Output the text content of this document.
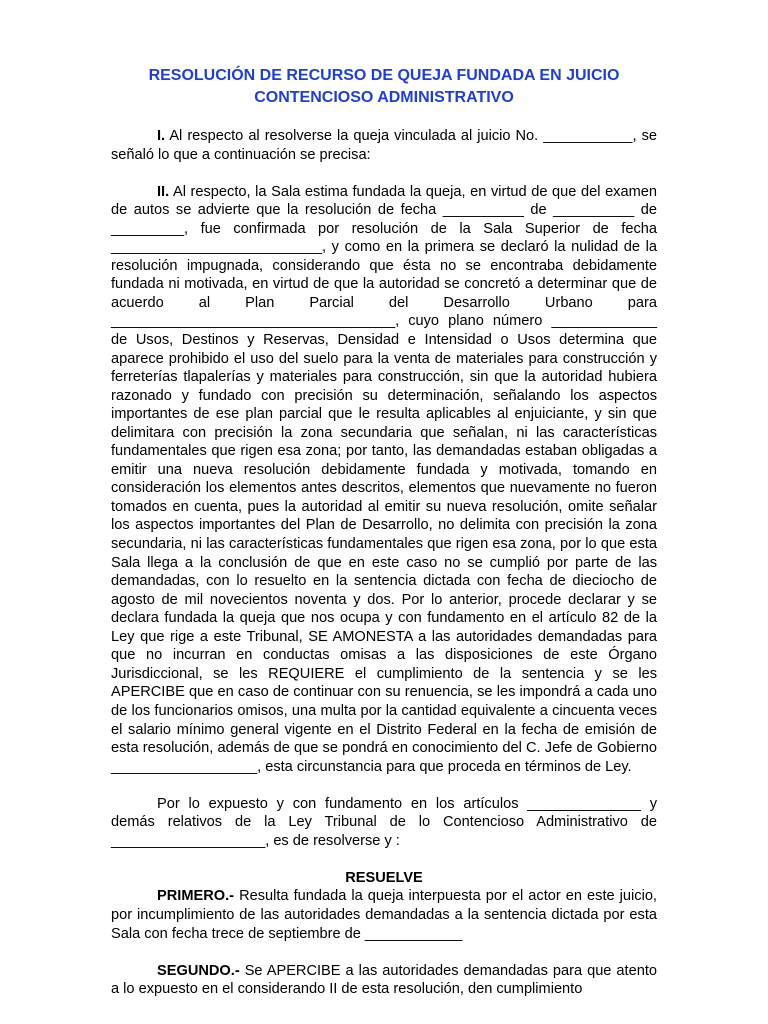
RESOLUCIÓN DE RECURSO DE QUEJA FUNDADA EN JUICIO
CONTENCIOSO ADMINISTRATIVO

I. Al respecto al resolverse la queja vinculada al juicio No. ___________, se señaló lo que a continuación se precisa:

II. Al respecto, la Sala estima fundada la queja, en virtud de que del examen de autos se advierte que la resolución de fecha __________ de __________ de _________, fue confirmada por resolución de la Sala Superior de fecha __________________________, y como en la primera se declaró la nulidad de la resolución impugnada, considerando que ésta no se encontraba debidamente fundada ni motivada, en virtud de que la autoridad se concretó a determinar que de acuerdo al Plan Parcial del Desarrollo Urbano para ___________________________________, cuyo plano número _____________ de Usos, Destinos y Reservas, Densidad e Intensidad o Usos determina que aparece prohibido el uso del suelo para la venta de materiales para construcción y ferreterías tlapalerías y materiales para construcción, sin que la autoridad hubiera razonado y fundado con precisión su determinación, señalando los aspectos importantes de ese plan parcial que le resulta aplicables al enjuiciante, y sin que delimitara con precisión la zona secundaria que señalan, ni las características fundamentales que rigen esa zona; por tanto, las demandadas estaban obligadas a emitir una nueva resolución debidamente fundada y motivada, tomando en consideración los elementos antes descritos, elementos que nuevamente no fueron tomados en cuenta, pues la autoridad al emitir su nueva resolución, omite señalar los aspectos importantes del Plan de Desarrollo, no delimita con precisión la zona secundaria, ni las características fundamentales que rigen esa zona, por lo que esta Sala llega a la conclusión de que en este caso no se cumplió por parte de las demandadas, con lo resuelto en la sentencia dictada con fecha de dieciocho de agosto de mil novecientos noventa y dos. Por lo anterior, procede declarar y se declara fundada la queja que nos ocupa y con fundamento en el artículo 82 de la Ley que rige a este Tribunal, SE AMONESTA a las autoridades demandadas para que no incurran en conductas omisas a las disposiciones de este Órgano Jurisdiccional, se les REQUIERE el cumplimiento de la sentencia y se les APERCIBE que en caso de continuar con su renuencia, se les impondrá a cada uno de los funcionarios omisos, una multa por la cantidad equivalente a cincuenta veces el salario mínimo general vigente en el Distrito Federal en la fecha de emisión de esta resolución, además de que se pondrá en conocimiento del C. Jefe de Gobierno __________________, esta circunstancia para que proceda en términos de Ley.

Por lo expuesto y con fundamento en los artículos ______________ y demás relativos de la Ley Tribunal de lo Contencioso Administrativo de ___________________, es de resolverse y :

RESUELVE

PRIMERO.- Resulta fundada la queja interpuesta por el actor en este juicio, por incumplimiento de las autoridades demandadas a la sentencia dictada por esta Sala con fecha trece de septiembre de ____________

SEGUNDO.- Se APERCIBE a las autoridades demandadas para que atento a lo expuesto en el considerando II de esta resolución, den cumplimiento
